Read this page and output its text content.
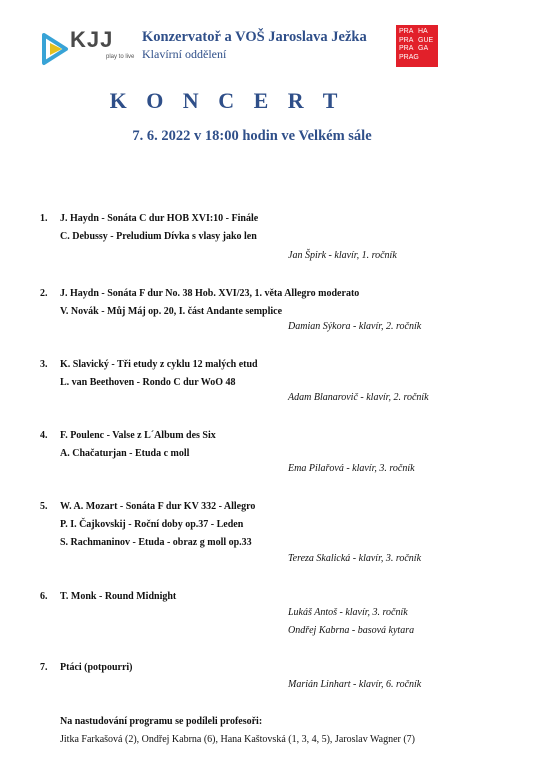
KJJ
play to live
Konzervatoř a VOŠ Jaroslava Ježka
Klavírní oddělení
PRA
PRA
PRA
PRAG
HA
GUE
GA
K O N C E R T
7. 6. 2022 v 18:00 hodin ve Velkém sále
1. J. Haydn - Sonáta C dur HOB XVI:10 - Finále
C. Debussy - Preludium Dívka s vlasy jako len
Jan Špirk - klavír, 1. ročník
2. J. Haydn - Sonáta F dur No. 38 Hob. XVI/23, 1. věta Allegro moderato
V. Novák - Můj Máj op. 20, I. část Andante semplice
Damian Sýkora - klavír, 2. ročník
3. K. Slavický - Tři etudy z cyklu 12 malých etud
L. van Beethoven - Rondo C dur WoO 48
Adam Blanarovič - klavír, 2. ročník
4. F. Poulenc - Valse z L´Album des Six
A. Chačaturjan - Etuda c moll
Ema Pilařová - klavír, 3. ročník
5. W. A. Mozart - Sonáta F dur KV 332 - Allegro
P. I. Čajkovskij - Roční doby op.37 - Leden
S. Rachmaninov - Etuda - obraz g moll op.33
Tereza Skalická - klavír, 3. ročník
6. T. Monk - Round Midnight
Lukáš Antoš - klavír, 3. ročník
Ondřej Kabrna - basová kytara
7. Ptáci (potpourri)
Marián Linhart - klavír, 6. ročník
Na nastudování programu se podíleli profesoři:
Jitka Farkašová (2), Ondřej Kabrna (6), Hana Kaštovská (1, 3, 4, 5), Jaroslav Wagner (7)
